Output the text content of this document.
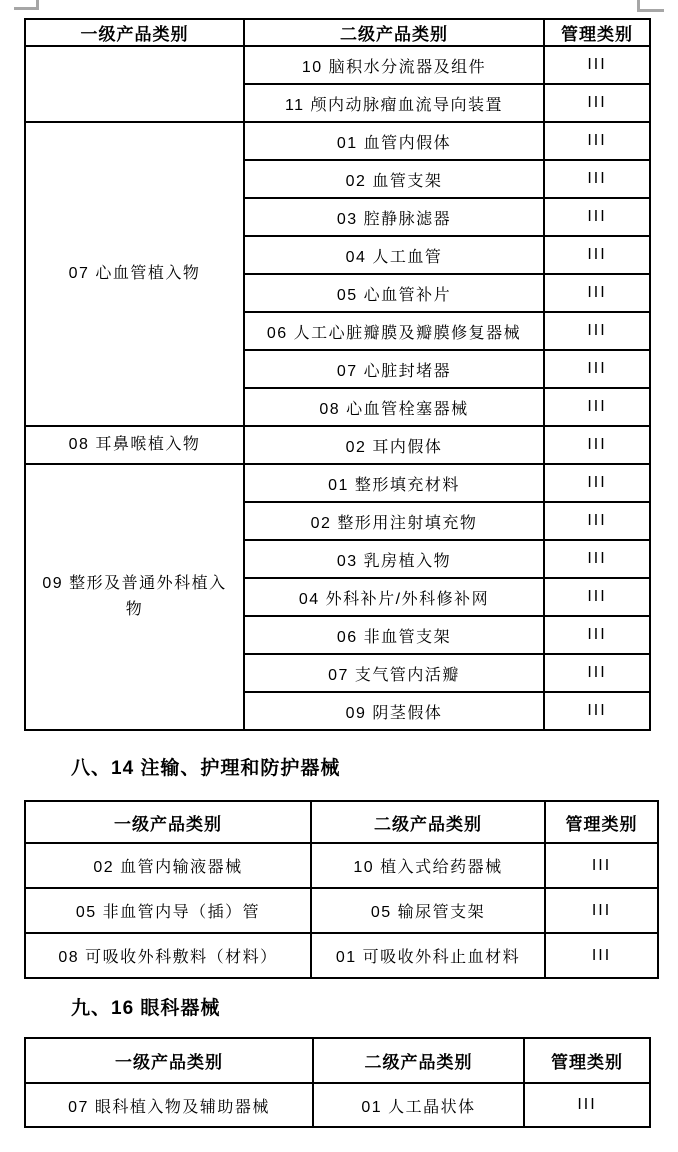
一级产品类别	二级产品类别	管理类别
	10 脑积水分流器及组件	III
	11 颅内动脉瘤血流导向装置	III
07 心血管植入物	01 血管内假体	III
	02 血管支架	III
	03 腔静脉滤器	III
	04 人工血管	III
	05 心血管补片	III
	06 人工心脏瓣膜及瓣膜修复器械	III
	07 心脏封堵器	III
	08 心血管栓塞器械	III
08 耳鼻喉植入物	02 耳内假体	III
09 整形及普通外科植入物	01 整形填充材料	III
	02 整形用注射填充物	III
	03 乳房植入物	III
	04 外科补片/外科修补网	III
	06 非血管支架	III
	07 支气管内活瓣	III
	09 阴茎假体	III
八、14 注输、护理和防护器械
一级产品类别	二级产品类别	管理类别
02 血管内输液器械	10 植入式给药器械	III
05 非血管内导（插）管	05 输尿管支架	III
08 可吸收外科敷料（材料）	01 可吸收外科止血材料	III
九、16 眼科器械
一级产品类别	二级产品类别	管理类别
07 眼科植入物及辅助器械	01 人工晶状体	III
